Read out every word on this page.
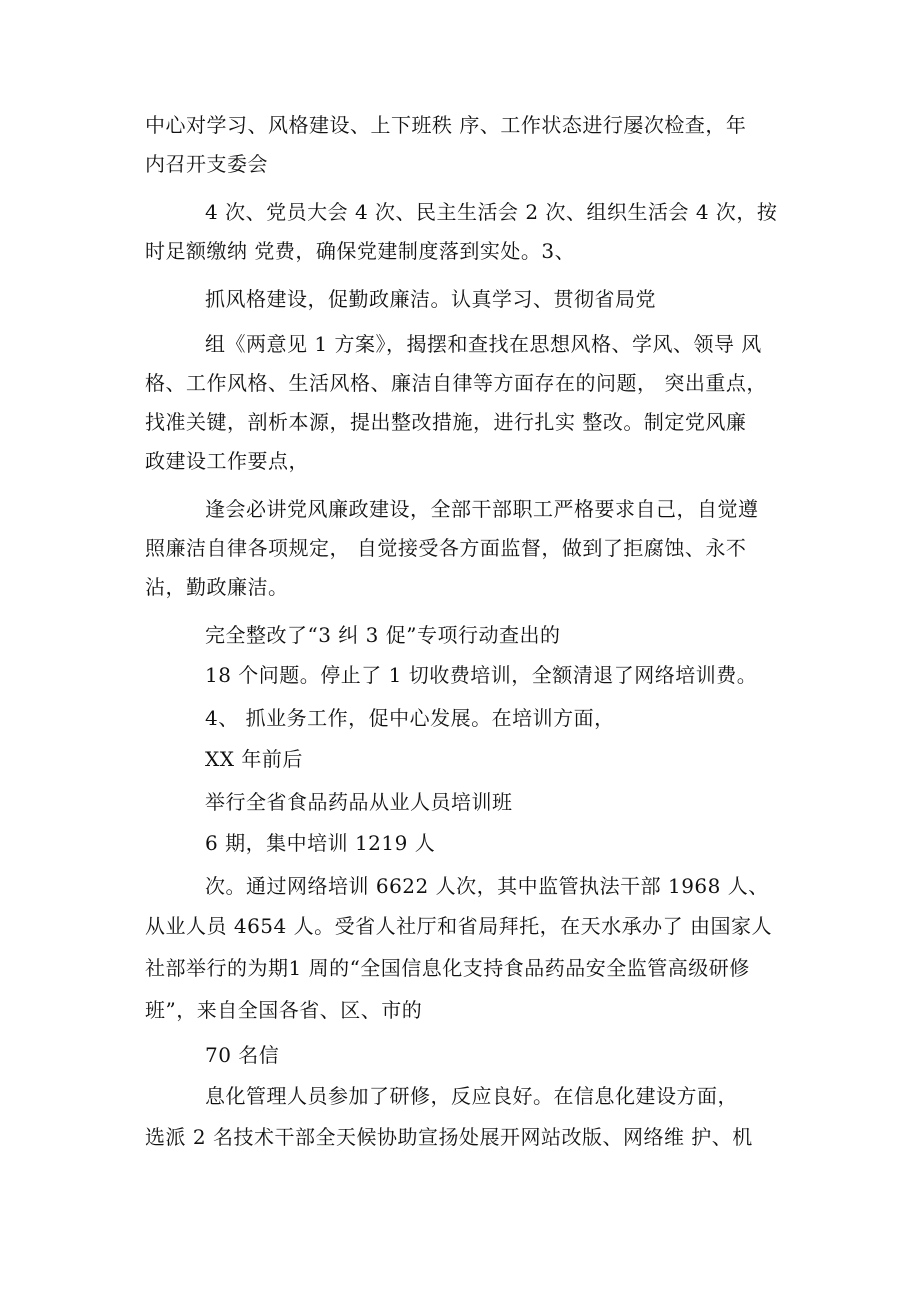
中心对学习、风格建设、上下班秩 序、工作状态进行屡次检查，年
内召开支委会
4 次、党员大会 4 次、民主生活会 2 次、组织生活会 4 次，按
时足额缴纳 党费，确保党建制度落到实处。3、
抓风格建设，促勤政廉洁。认真学习、贯彻省局党
组《两意见 1 方案》，揭摆和查找在思想风格、学风、领导 风
格、工作风格、生活风格、廉洁自律等方面存在的问题， 突出重点，
找准关键，剖析本源，提出整改措施，进行扎实 整改。制定党风廉
政建设工作要点，
逢会必讲党风廉政建设，全部干部职工严格要求自己，自觉遵
照廉洁自律各项规定， 自觉接受各方面监督，做到了拒腐蚀、永不
沾，勤政廉洁。
完全整改了“3 纠 3 促”专项行动查出的
18 个问题。停止了 1 切收费培训，全额清退了网络培训费。
4、 抓业务工作，促中心发展。在培训方面，
XX 年前后
举行全省食品药品从业人员培训班
6 期，集中培训 1219 人
次。通过网络培训 6622 人次，其中监管执法干部 1968 人、
从业人员 4654 人。受省人社厅和省局拜托，在天水承办了 由国家人
社部举行的为期1 周的“全国信息化支持食品药品安全监管高级研修
班”，来自全国各省、区、市的
70 名信
息化管理人员参加了研修，反应良好。在信息化建设方面，
选派 2 名技术干部全天候协助宣扬处展开网站改版、网络维 护、机
